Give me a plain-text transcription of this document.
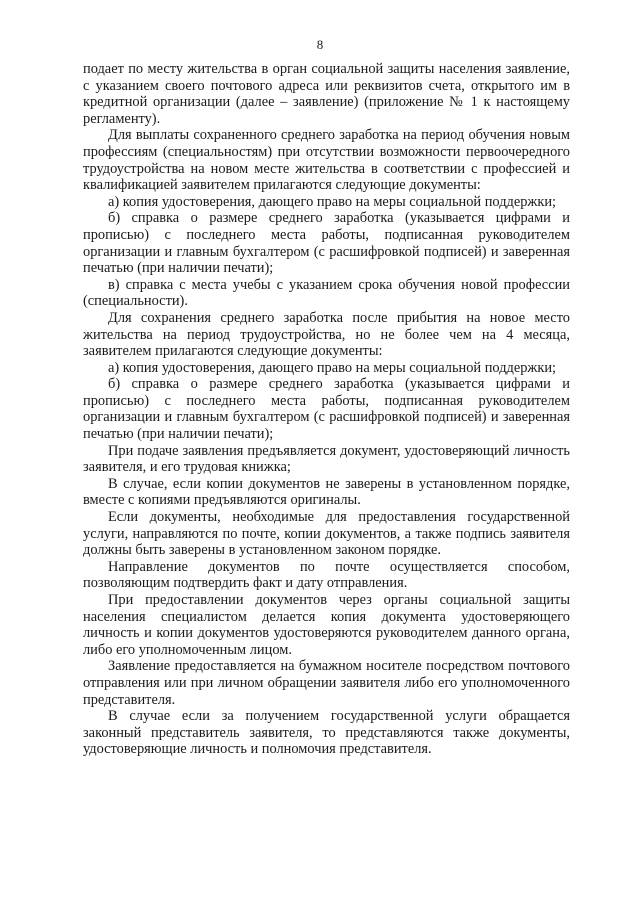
8

подает по месту жительства в орган социальной защиты населения заявление, с указанием своего почтового адреса или реквизитов счета, открытого им в кредитной организации (далее – заявление) (приложение № 1 к настоящему регламенту).

Для выплаты сохраненного среднего заработка на период обучения новым профессиям (специальностям) при отсутствии возможности первоочередного трудоустройства на новом месте жительства в соответствии с профессией и квалификацией заявителем прилагаются следующие документы:

а) копия удостоверения, дающего право на меры социальной поддержки;

б) справка о размере среднего заработка (указывается цифрами и прописью) с последнего места работы, подписанная руководителем организации и главным бухгалтером (с расшифровкой подписей) и заверенная печатью (при наличии печати);

в) справка с места учебы с указанием срока обучения новой профессии (специальности).

Для сохранения среднего заработка после прибытия на новое место жительства на период трудоустройства, но не более чем на 4 месяца, заявителем прилагаются следующие документы:

а) копия удостоверения, дающего право на меры социальной поддержки;

б) справка о размере среднего заработка (указывается цифрами и прописью) с последнего места работы, подписанная руководителем организации и главным бухгалтером (с расшифровкой подписей) и заверенная печатью (при наличии печати);

При подаче заявления предъявляется документ, удостоверяющий личность заявителя, и его трудовая книжка;

В случае, если копии документов не заверены в установленном порядке, вместе с копиями предъявляются оригиналы.

Если документы, необходимые для предоставления государственной услуги, направляются по почте, копии документов, а также подпись заявителя должны быть заверены в установленном законом порядке.

Направление документов по почте осуществляется способом, позволяющим подтвердить факт и дату отправления.

При предоставлении документов через органы социальной защиты населения специалистом делается копия документа удостоверяющего личность и копии документов удостоверяются руководителем данного органа, либо его уполномоченным лицом.

Заявление предоставляется на бумажном носителе посредством почтового отправления или при личном обращении заявителя либо его уполномоченного представителя.

В случае если за получением государственной услуги обращается законный представитель заявителя, то представляются также документы, удостоверяющие личность и полномочия представителя.
